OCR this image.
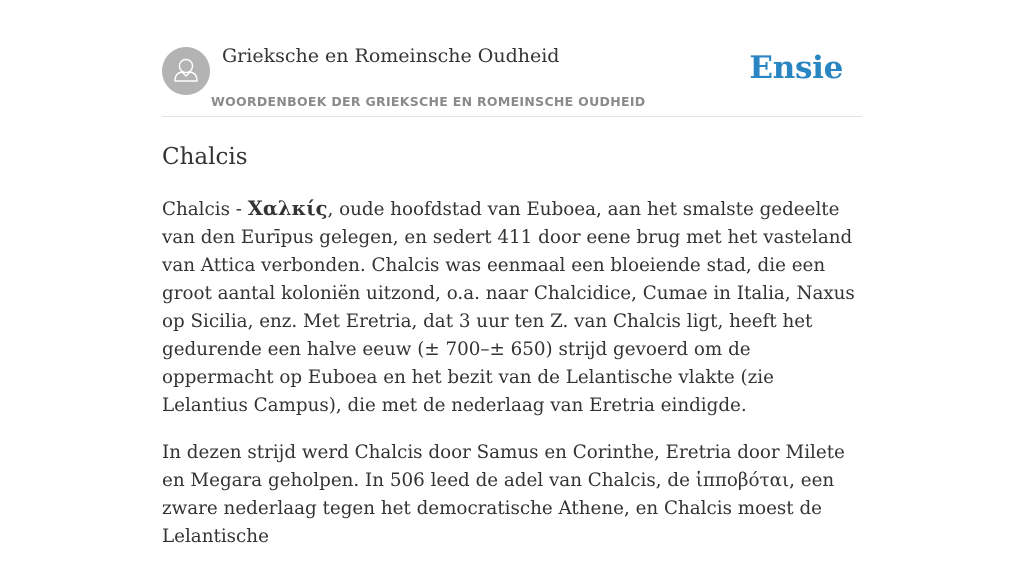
Grieksche en Romeinsche Oudheid
WOORDENBOEK DER GRIEKSCHE EN ROMEINSCHE OUDHEID
Ensie
Chalcis

Chalcis - Χαλκίς, oude hoofdstad van Euboea, aan het smalste gedeelte van den Eurīpus gelegen, en sedert 411 door eene brug met het vasteland van Attica verbonden. Chalcis was eenmaal een bloeiende stad, die een groot aantal koloniën uitzond, o.a. naar Chalcidice, Cumae in Italia, Naxus op Sicilia, enz. Met Eretria, dat 3 uur ten Z. van Chalcis ligt, heeft het gedurende een halve eeuw (± 700–± 650) strijd gevoerd om de oppermacht op Euboea en het bezit van de Lelantische vlakte (zie Lelantius Campus), die met de nederlaag van Eretria eindigde.

In dezen strijd werd Chalcis door Samus en Corinthe, Eretria door Milete en Megara geholpen. In 506 leed de adel van Chalcis, de ἱπποβόται, een zware nederlaag tegen het democratische Athene, en Chalcis moest de Lelantische
